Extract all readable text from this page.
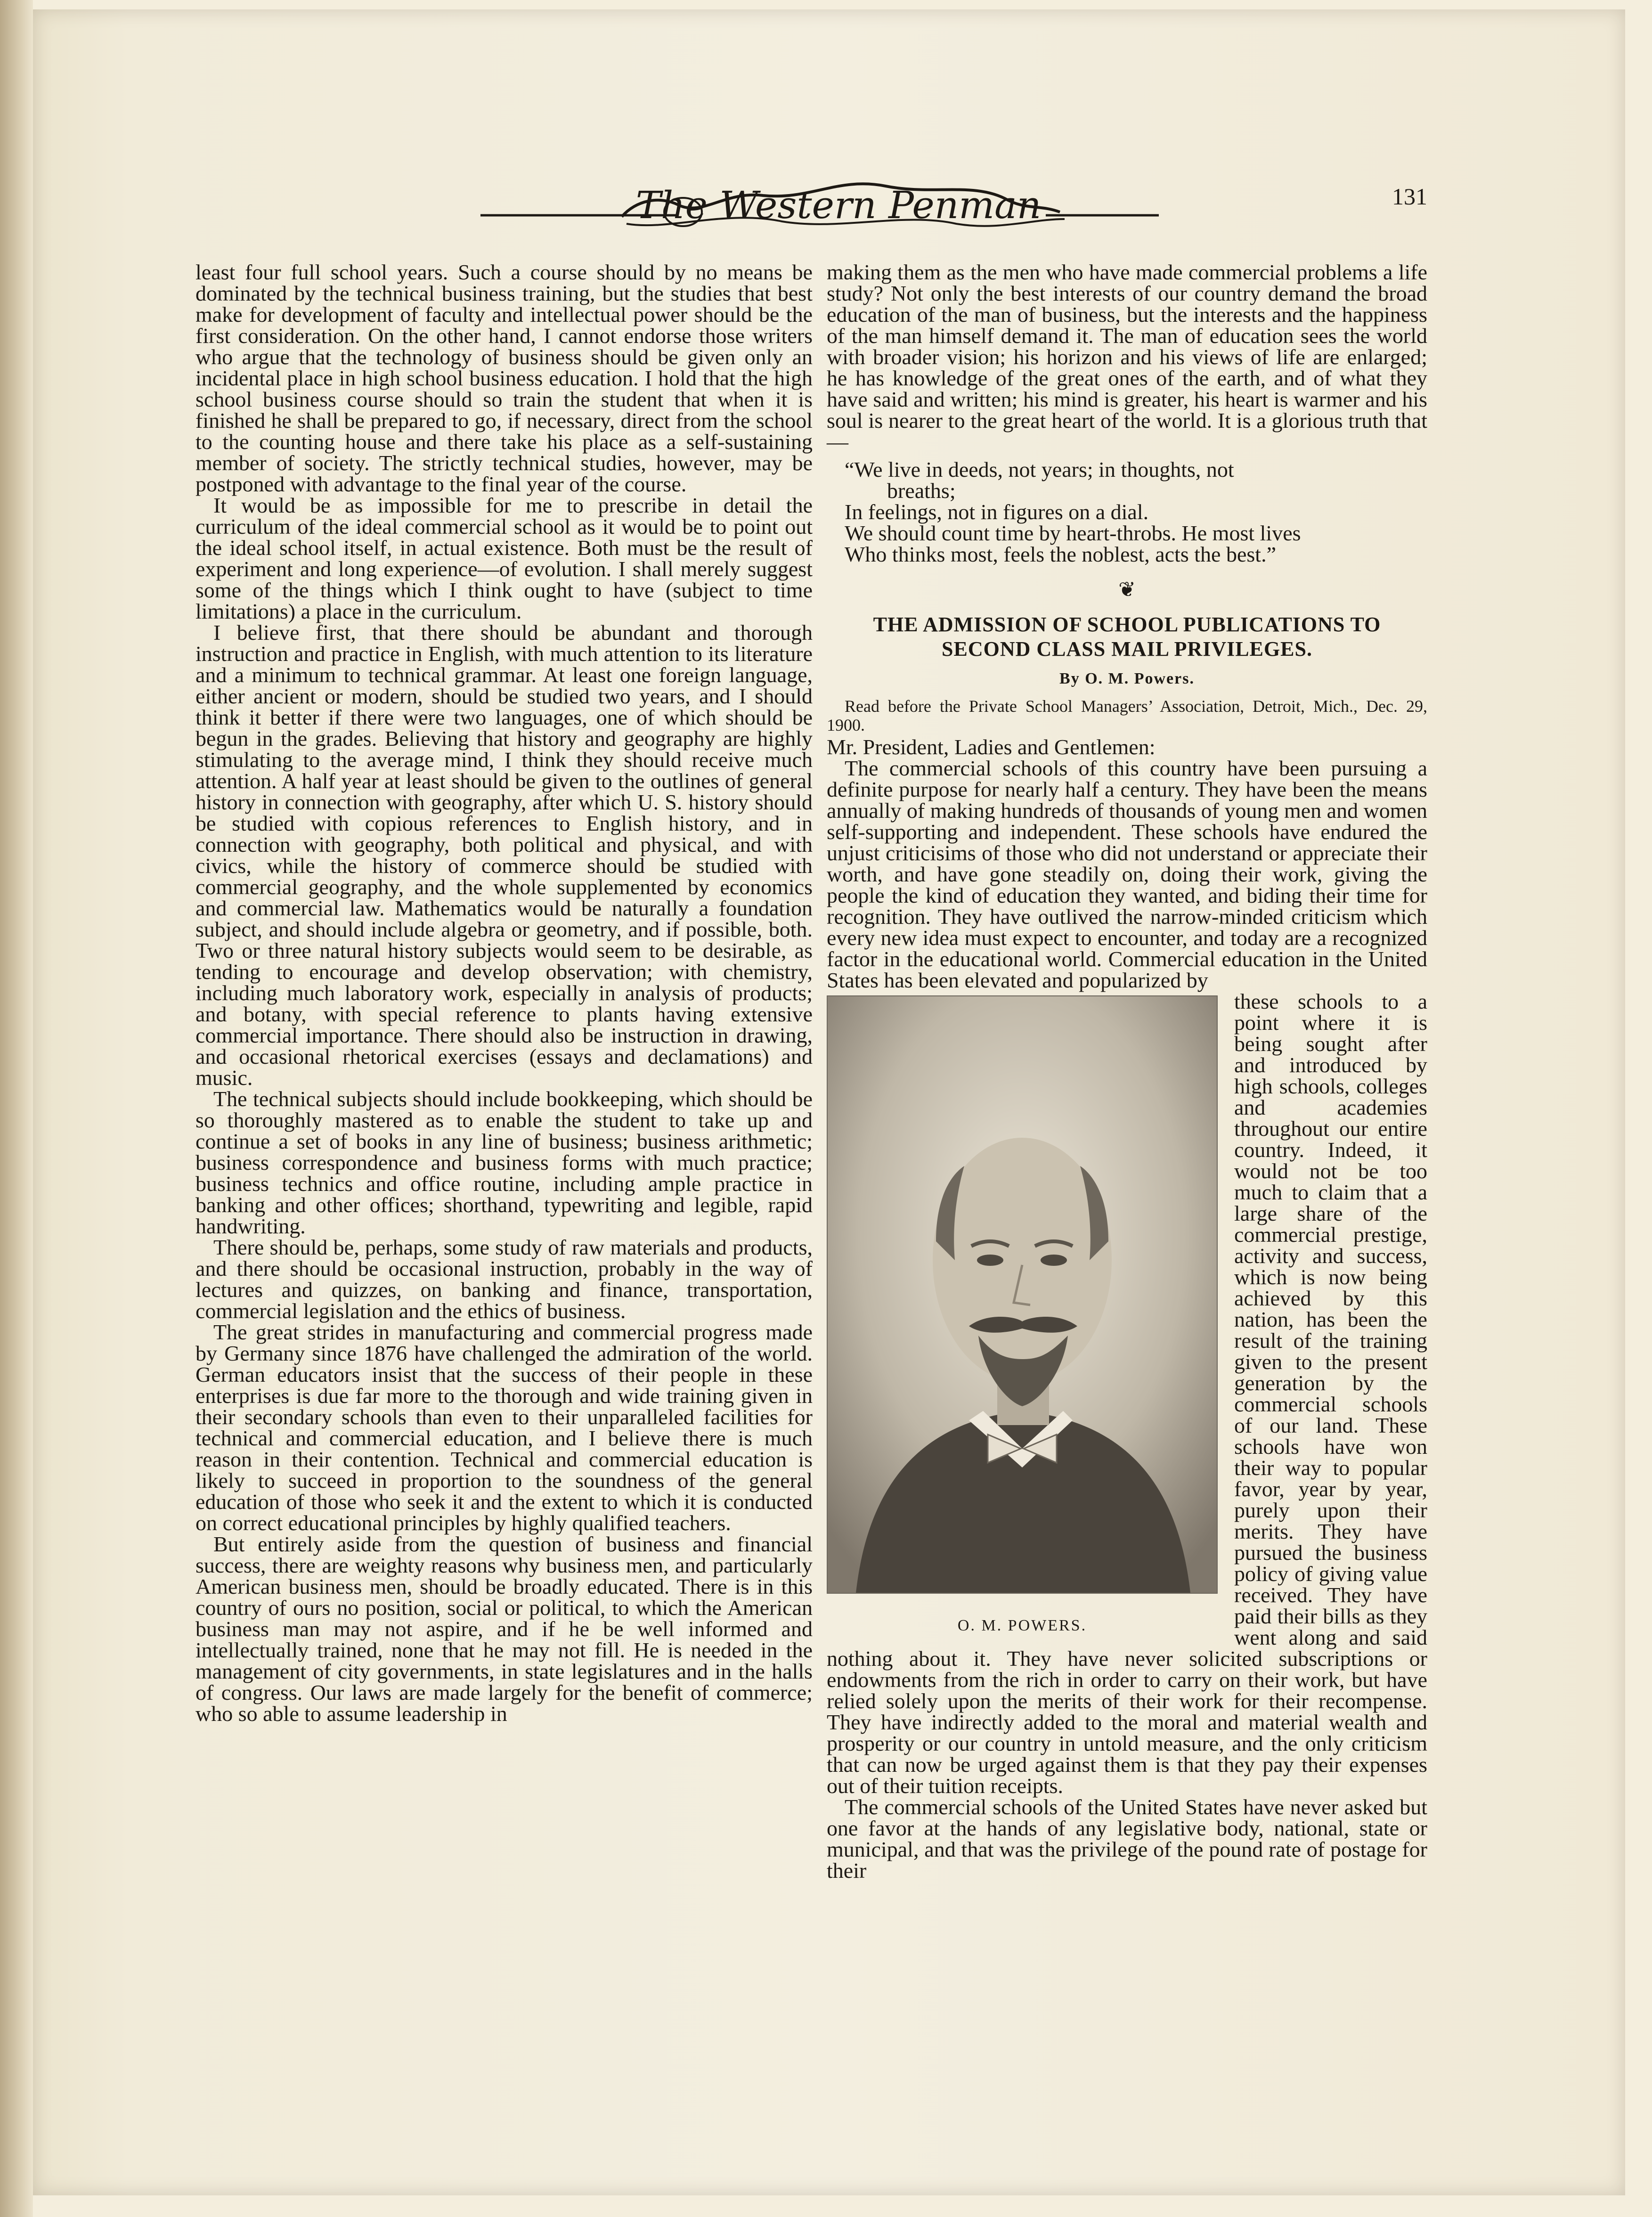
The Western Penman	131

least four full school years. Such a course should by no means be dominated by the technical business training, but the studies that best make for development of faculty and intellectual power should be the first consideration. On the other hand, I cannot endorse those writers who argue that the technology of business should be given only an incidental place in high school business education. I hold that the high school business course should so train the student that when it is finished he shall be prepared to go, if necessary, direct from the school to the counting house and there take his place as a self-sustaining member of society. The strictly technical studies, however, may be postponed with advantage to the final year of the course.

It would be as impossible for me to prescribe in detail the curriculum of the ideal commercial school as it would be to point out the ideal school itself, in actual existence. Both must be the result of experiment and long experience—of evolution. I shall merely suggest some of the things which I think ought to have (subject to time limitations) a place in the curriculum.

I believe first, that there should be abundant and thorough instruction and practice in English, with much attention to its literature and a minimum to technical grammar. At least one foreign language, either ancient or modern, should be studied two years, and I should think it better if there were two languages, one of which should be begun in the grades. Believing that history and geography are highly stimulating to the average mind, I think they should receive much attention. A half year at least should be given to the outlines of general history in connection with geography, after which U. S. history should be studied with copious references to English history, and in connection with geography, both political and physical, and with civics, while the history of commerce should be studied with commercial geography, and the whole supplemented by economics and commercial law. Mathematics would be naturally a foundation subject, and should include algebra or geometry, and if possible, both. Two or three natural history subjects would seem to be desirable, as tending to encourage and develop observation; with chemistry, including much laboratory work, especially in analysis of products; and botany, with special reference to plants having extensive commercial importance. There should also be instruction in drawing, and occasional rhetorical exercises (essays and declamations) and music.

The technical subjects should include bookkeeping, which should be so thoroughly mastered as to enable the student to take up and continue a set of books in any line of business; business arithmetic; business correspondence and business forms with much practice; business technics and office routine, including ample practice in banking and other offices; shorthand, typewriting and legible, rapid handwriting.

There should be, perhaps, some study of raw materials and products, and there should be occasional instruction, probably in the way of lectures and quizzes, on banking and finance, transportation, commercial legislation and the ethics of business.

The great strides in manufacturing and commercial progress made by Germany since 1876 have challenged the admiration of the world. German educators insist that the success of their people in these enterprises is due far more to the thorough and wide training given in their secondary schools than even to their unparalleled facilities for technical and commercial education, and I believe there is much reason in their contention. Technical and commercial education is likely to succeed in proportion to the soundness of the general education of those who seek it and the extent to which it is conducted on correct educational principles by highly qualified teachers.

But entirely aside from the question of business and financial success, there are weighty reasons why business men, and particularly American business men, should be broadly educated. There is in this country of ours no position, social or political, to which the American business man may not aspire, and if he be well informed and intellectually trained, none that he may not fill. He is needed in the management of city governments, in state legislatures and in the halls of congress. Our laws are made largely for the benefit of commerce; who so able to assume leadership in

making them as the men who have made commercial problems a life study? Not only the best interests of our country demand the broad education of the man of business, but the interests and the happiness of the man himself demand it. The man of education sees the world with broader vision; his horizon and his views of life are enlarged; he has knowledge of the great ones of the earth, and of what they have said and written; his mind is greater, his heart is warmer and his soul is nearer to the great heart of the world. It is a glorious truth that—

“We live in deeds, not years; in thoughts, not

breaths;

In feelings, not in figures on a dial.

We should count time by heart-throbs. He most lives

Who thinks most, feels the noblest, acts the best.”

❦
THE ADMISSION OF SCHOOL PUBLICATIONS TO SECOND CLASS MAIL PRIVILEGES.
By O. M. Powers.

Read before the Private School Managers’ Association, Detroit, Mich., Dec. 29, 1900.

Mr. President, Ladies and Gentlemen:

The commercial schools of this country have been pursuing a definite purpose for nearly half a century. They have been the means annually of making hundreds of thousands of young men and women self-supporting and independent. These schools have endured the unjust criticisims of those who did not understand or appreciate their worth, and have gone steadily on, doing their work, giving the people the kind of education they wanted, and biding their time for recognition. They have outlived the narrow-minded criticism which every new idea must expect to encounter, and today are a recognized factor in the educational world. Commercial education in the United States has been elevated and popularized by

O. M. POWERS.

these schools to a point where it is being sought after and introduced by high schools, colleges and academies throughout our entire country. Indeed, it would not be too much to claim that a large share of the commercial prestige, activity and success, which is now being achieved by this nation, has been the result of the training given to the present generation by the commercial schools of our land. These schools have won their way to popular favor, year by year, purely upon their merits. They have pursued the business policy of giving value received. They have paid their bills as they went along and said nothing about it. They have never solicited subscriptions or endowments from the rich in order to carry on their work, but have relied solely upon the merits of their work for their recompense. They have indirectly added to the moral and material wealth and prosperity or our country in untold measure, and the only criticism that can now be urged against them is that they pay their expenses out of their tuition receipts.

The commercial schools of the United States have never asked but one favor at the hands of any legislative body, national, state or municipal, and that was the privilege of the pound rate of postage for their
